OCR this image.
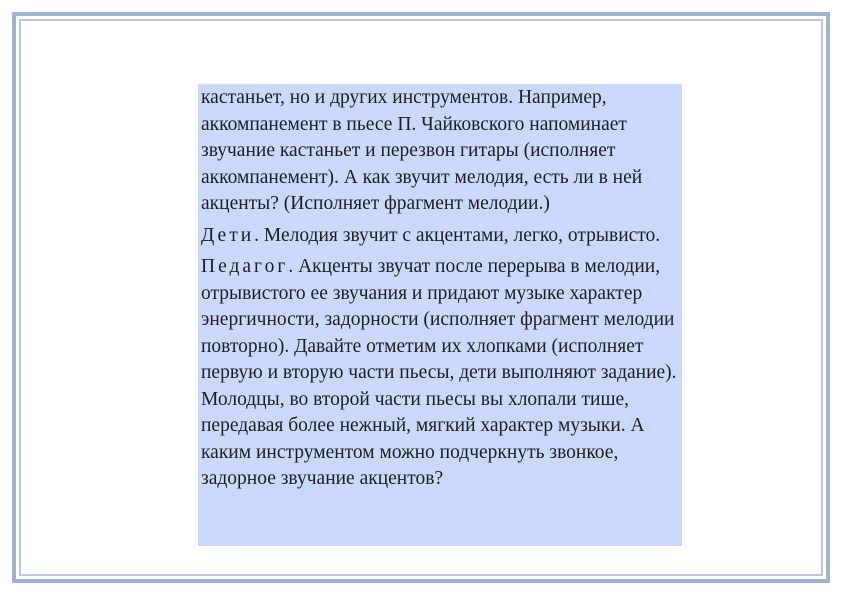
кастаньет, но и других инструментов. Например, аккомпанемент в пьесе П. Чайковского напоминает звучание кастаньет и перезвон гитары (исполняет аккомпанемент). А как звучит мелодия, есть ли в ней акценты? (Исполняет фрагмент мелодии.)

Дети. Мелодия звучит с акцентами, легко, отрывисто.

Педагог. Акценты звучат после перерыва в мелодии, отрывистого ее звучания и придают музыке характер энергичности, задорности (исполняет фрагмент мелодии повторно). Давайте отметим их хлопками (исполняет первую и вторую части пьесы, дети выполняют задание). Молодцы, во второй части пьесы вы хлопали тише, передавая более нежный, мягкий характер музыки. А каким инструментом можно подчеркнуть звонкое, задорное звучание акцентов?
